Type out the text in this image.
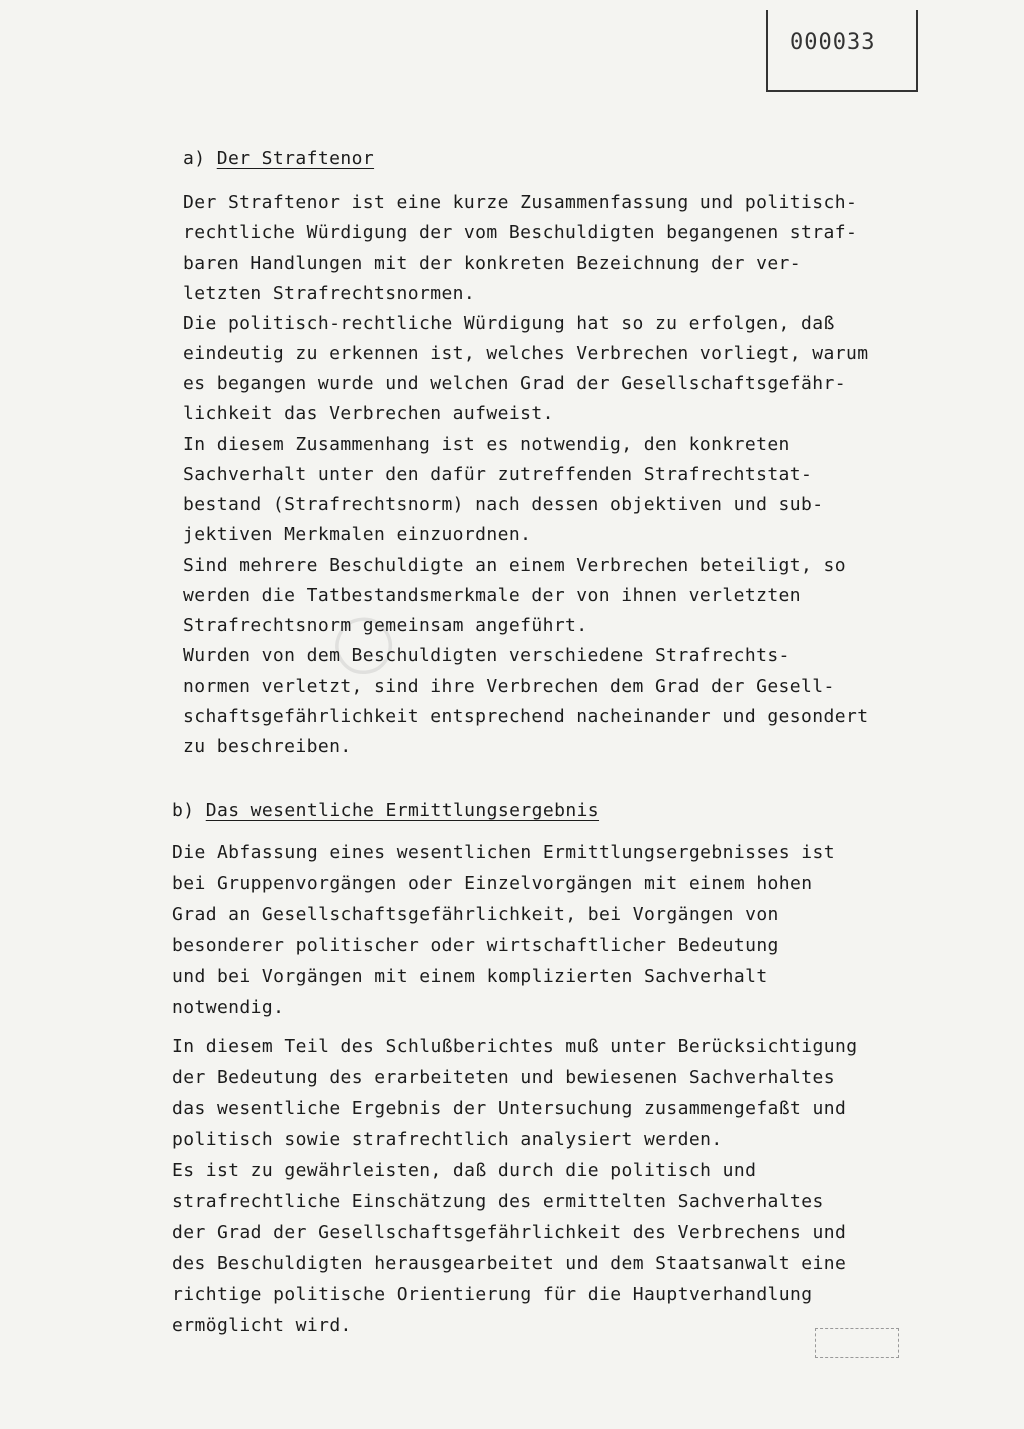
000033
◯
a) Der Straftenor
Der Straftenor ist eine kurze Zusammenfassung und politisch-
rechtliche Würdigung der vom Beschuldigten begangenen straf-
baren Handlungen mit der konkreten Bezeichnung der ver-
letzten Strafrechtsnormen.
Die politisch-rechtliche Würdigung hat so zu erfolgen, daß
eindeutig zu erkennen ist, welches Verbrechen vorliegt, warum
es begangen wurde und welchen Grad der Gesellschaftsgefähr-
lichkeit das Verbrechen aufweist.
In diesem Zusammenhang ist es notwendig, den konkreten
Sachverhalt unter den dafür zutreffenden Strafrechtstat-
bestand (Strafrechtsnorm) nach dessen objektiven und sub-
jektiven Merkmalen einzuordnen.
Sind mehrere Beschuldigte an einem Verbrechen beteiligt, so
werden die Tatbestandsmerkmale der von ihnen verletzten
Strafrechtsnorm gemeinsam angeführt.
Wurden von dem Beschuldigten verschiedene Strafrechts-
normen verletzt, sind ihre Verbrechen dem Grad der Gesell-
schaftsgefährlichkeit entsprechend nacheinander und gesondert
zu beschreiben.
b) Das wesentliche Ermittlungsergebnis
Die Abfassung eines wesentlichen Ermittlungsergebnisses ist
bei Gruppenvorgängen oder Einzelvorgängen mit einem hohen
Grad an Gesellschaftsgefährlichkeit, bei Vorgängen von
besonderer politischer oder wirtschaftlicher Bedeutung
und bei Vorgängen mit einem komplizierten Sachverhalt
notwendig.
In diesem Teil des Schlußberichtes muß unter Berücksichtigung
der Bedeutung des erarbeiteten und bewiesenen Sachverhaltes
das wesentliche Ergebnis der Untersuchung zusammengefaßt und
politisch sowie strafrechtlich analysiert werden.
Es ist zu gewährleisten, daß durch die politisch und
strafrechtliche Einschätzung des ermittelten Sachverhaltes
der Grad der Gesellschaftsgefährlichkeit des Verbrechens und
des Beschuldigten herausgearbeitet und dem Staatsanwalt eine
richtige politische Orientierung für die Hauptverhandlung
ermöglicht wird.
